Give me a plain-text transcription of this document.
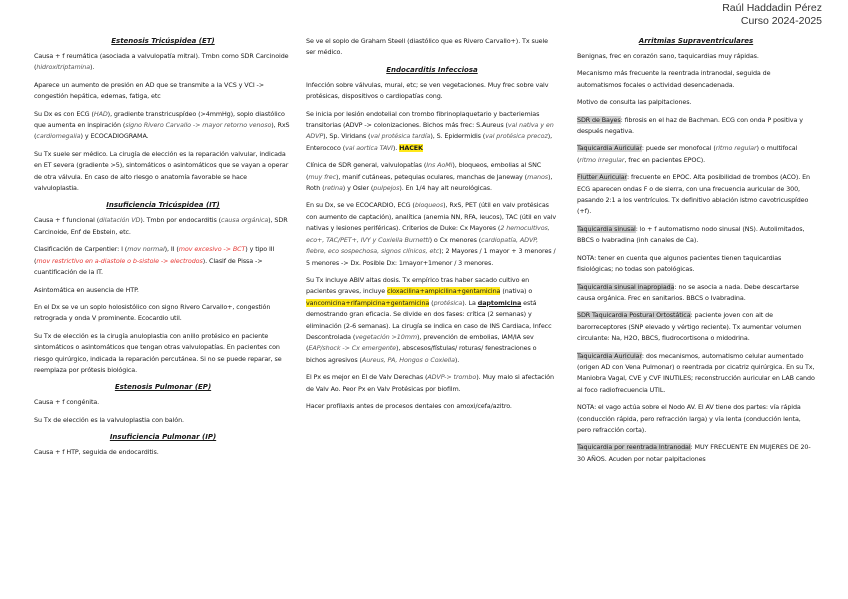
Raúl Haddadin Pérez
Curso 2024-2025
Estenosis Tricúspidea (ET)

Causa + f reumática (asociada a valvulopatía mitral). Tmbn como SDR Carcinoide (hidroxitriptamina).

Aparece un aumento de presión en AD que se transmite a la VCS y VCI -> congestión hepática, edemas, fatiga, etc

Su Dx es con ECG (HAD), gradiente transtricuspídeo (>4mmHg), soplo diastólico que aumenta en inspiración (signo Rivero Carvallo -> mayor retorno venoso), RxS (cardiomegalia) y ECOCADIOGRAMA.

Su Tx suele ser médico. La cirugía de elección es la reparación valvular, indicada en ET severa (gradiente >5), sintomáticos o asintomáticos que se vayan a operar de otra válvula. En caso de alto riesgo o anatomía favorable se hace valvuloplastia.

Insuficiencia Tricúspidea (IT)

Causa + f funcional (dilatación VD). Tmbn por endocarditis (causa orgánica), SDR Carcinoide, Enf de Ebstein, etc.

Clasificación de Carpentier: I (mov normal), II (mov excesivo -> BCT) y tipo III (mov restrictivo en a-diastole o b-sistole -> electrodos). Clasif de Pissa -> cuantificación de la IT.

Asintomática en ausencia de HTP.

En el Dx se ve un soplo holosistólico con signo Rivero Carvallo+, congestión retrograda y onda V prominente. Ecocardio util.

Su Tx de elección es la cirugía anuloplastia con anillo protésico en paciente sintomáticos o asintomáticos que tengan otras valvulopatías. En pacientes con riesgo quirúrgico, indicada la reparación percutánea. Si no se puede reparar, se reemplaza por prótesis biológica.

Estenosis Pulmonar (EP)

Causa + f congénita.

Su Tx de elección es la valvuloplastia con balón.

Insuficiencia Pulmonar (IP)

Causa + f HTP, seguida de endocarditis.

Se ve el soplo de Graham Steell (diastólico que es Rivero Carvallo+). Tx suele ser médico.

Endocarditis Infecciosa

Infección sobre válvulas, mural, etc; se ven vegetaciones. Muy frec sobre valv protésicas, dispositivos o cardiopatías cong.

Se inicia por lesión endotelial con trombo fibrinoplaquetario y bacteriemias transitorias (ADVP -> colonizaciones. Bichos más frec: S.Aureus (val nativa y en ADVP), Sp. Viridans (val protésica tardía), S. Epidermidis (val protésica precoz), Enterococo (val aortica TAVI). HACEK

Clínica de SDR general, valvulopatías (Ins AoMi), bloqueos, embolias al SNC (muy frec), manif cutáneas, petequias oculares, manchas de Janeway (manos), Roth (retina) y Osler (pulpejos). En 1/4 hay alt neurológicas.

En su Dx, se ve ECOCARDIO, ECG (bloqueos), RxS, PET (útil en valv protésicas con aumento de captación), analítica (anemia NN, RFA, leucos), TAC (útil en valv nativas y lesiones periféricas). Criterios de Duke: Cx Mayores (2 hemocultivos, eco+, TAC/PET+, IVY y Coxiella Burnetti) o Cx menores (cardiopatía, ADVP, fiebre, eco sospechosa, signos clínicos, etc); 2 Mayores / 1 mayor + 3 menores / 5 menores -> Dx. Posible Dx: 1mayor+1menor / 3 menores.

Su Tx incluye ABIV altas dosis. Tx empírico tras haber sacado cultivo en pacientes graves, incluye cloxacilina+ampicilina+gentamicina (nativa) o vancomicina+rifampicina+gentamicina (protésica). La daptomicina está demostrando gran eficacia. Se divide en dos fases: crítica (2 semanas) y eliminación (2-6 semanas). La cirugía se indica en caso de INS Cardiaca, Infecc Descontrolada (vegetación >10mm), prevención de embolias, IAM/IA sev (EAP/shock -> Cx emergente), abscesos/fístulas/ roturas/ fenestraciones o bichos agresivos (Aureus, PA, Hongos o Coxiella).

El Px es mejor en EI de Valv Derechas (ADVP-> trombo). Muy malo si afectación de Valv Ao. Peor Px en Valv Protésicas por biofilm.

Hacer profilaxis antes de procesos dentales con amoxi/cefa/azitro.

Arritmias Supraventriculares

Benignas, frec en corazón sano, taquicardias muy rápidas.

Mecanismo más frecuente la reentrada intranodal, seguida de automatismos focales o actividad desencadenada.

Motivo de consulta las palpitaciones.

SDR de Bayes: fibrosis en el haz de Bachman. ECG con onda P positiva y después negativa.

Taquicardia Auricular: puede ser monofocal (ritmo regular) o multifocal (ritmo irregular, frec en pacientes EPOC).

Flutter Auricular: frecuente en EPOC. Alta posibilidad de trombos (ACO). En ECG aparecen ondas F o de sierra, con una frecuencia auricular de 300, pasando 2:1 a los ventrículos. Tx definitivo ablación istmo cavotricuspídeo (+f).

Taquicardia sinusal: lo + f automatismo nodo sinusal (NS). Autolimitados, BBCS o Ivabradina (inh canales de Ca).

NOTA: tener en cuenta que algunos pacientes tienen taquicardias fisiológicas; no todas son patológicas.

Taquicardia sinusal inapropiada: no se asocia a nada. Debe descartarse causa orgánica. Frec en sanitarios. BBCS o Ivabradina.

SDR Taquicardia Postural Ortostática: paciente joven con alt de barorreceptores (SNP elevado y vértigo reciente). Tx aumentar volumen circulante: Na, H2O, BBCS, fludrocortisona o midodrina.

Taquicardia Auricular: dos mecanismos, automatismo celular aumentado (origen AD con Vena Pulmonar) o reentrada por cicatriz quirúrgica. En su Tx, Maniobra Vagal, CVE y CVF INUTILES; reconstrucción auricular en LAB cando al foco radiofrecuencia UTIL.

NOTA: el vago actúa sobre el Nodo AV. El AV tiene dos partes: vía rápida (conducción rápida, pero refracción larga) y vía lenta (conducción lenta, pero refracción corta).

Taquicardia por reentrada Intranodal: MUY FRECUENTE EN MUJERES DE 20-30 AÑOS. Acuden por notar palpitaciones
